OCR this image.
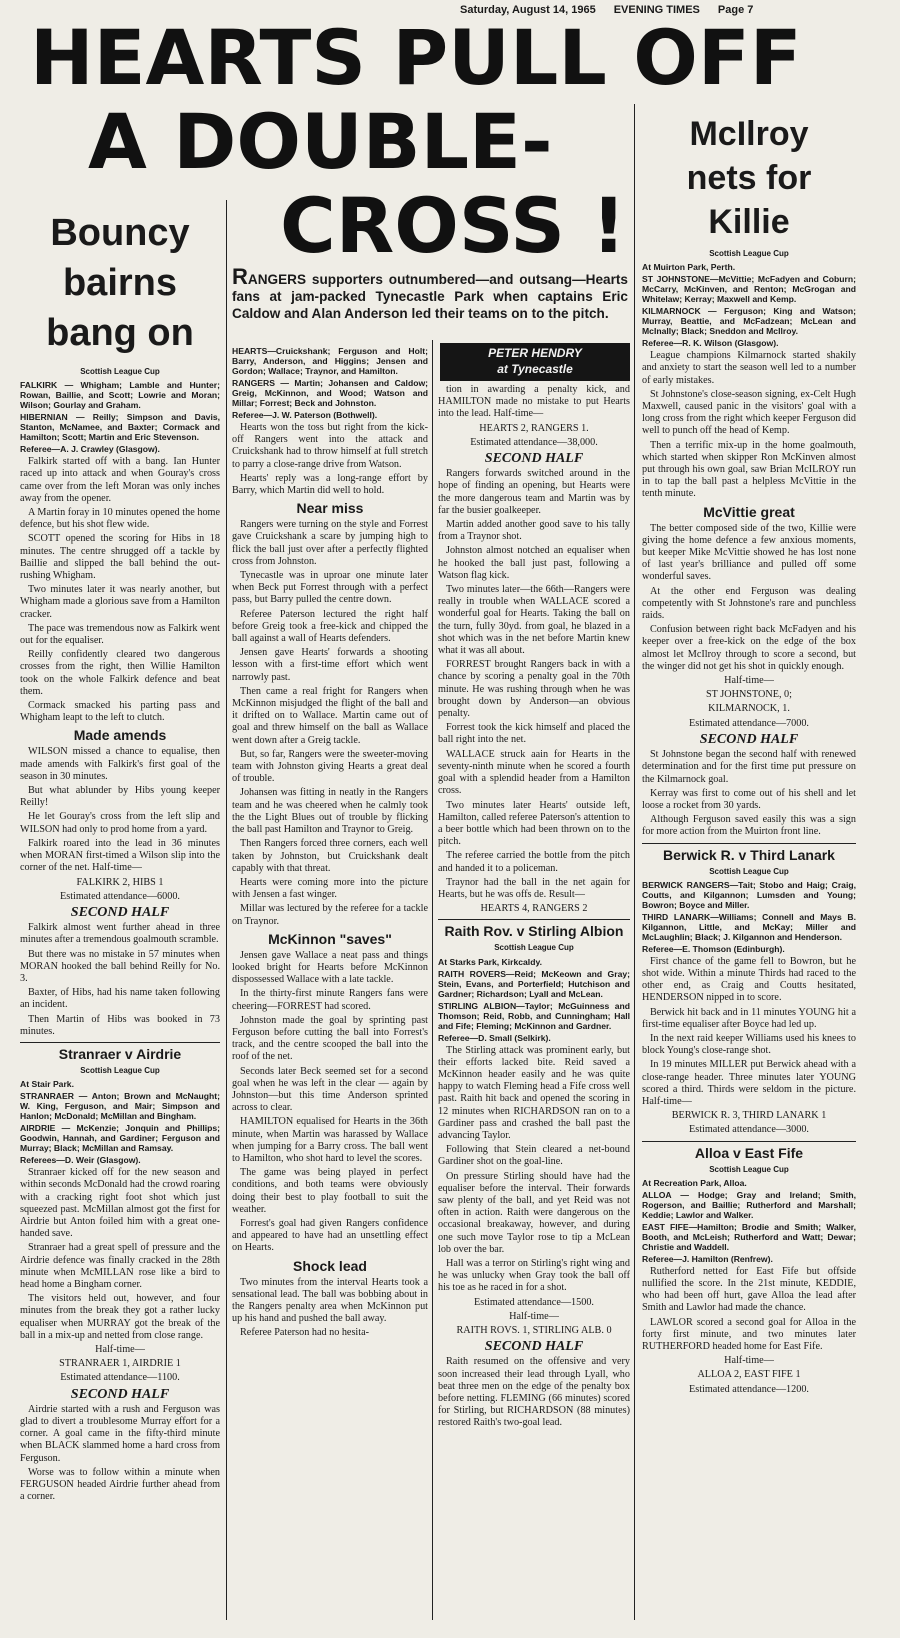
Saturday, August 14, 1965 EVENING TIMES Page 7
HEARTS PULL OFF
A DOUBLE-
CROSS !
RANGERS supporters outnumbered—and outsang—Hearts fans at jam-packed Tynecastle Park when captains Eric Caldow and Alan Anderson led their teams on to the pitch.
PETER HENDRY
at Tynecastle
Bouncy
bairns
bang on
Scottish League Cup
FALKIRK — Whigham; Lamble and Hunter; Rowan, Baillie, and Scott; Lowrie and Moran; Wilson; Gourlay and Graham.
HIBERNIAN — Reilly; Simpson and Davis, Stanton, McNamee, and Baxter; Cormack and Hamilton; Scott; Martin and Eric Stevenson.
Referee—A. J. Crawley (Glasgow).

Falkirk started off with a bang. Ian Hunter raced up into attack and when Gouray's cross came over from the left Moran was only inches away from the opener.

A Martin foray in 10 minutes opened the home defence, but his shot flew wide.

SCOTT opened the scoring for Hibs in 18 minutes. The centre shrugged off a tackle by Baillie and slipped the ball behind the out-rushing Whigham.

Two minutes later it was nearly another, but Whigham made a glorious save from a Hamilton cracker.

The pace was tremendous now as Falkirk went out for the equaliser.

Reilly confidently cleared two dangerous crosses from the right, then Willie Hamilton took on the whole Falkirk defence and beat them.

Cormack smacked his parting pass and Whigham leapt to the left to clutch.

Made amends

WILSON missed a chance to equalise, then made amends with Falkirk's first goal of the season in 30 minutes.

But what ablunder by Hibs young keeper Reilly!

He let Gouray's cross from the left slip and WILSON had only to prod home from a yard.

Falkirk roared into the lead in 36 minutes when MORAN first-timed a Wilson slip into the corner of the net. Half-time—

FALKIRK 2, HIBS 1

Estimated attendance—6000.

SECOND HALF

Falkirk almost went further ahead in three minutes after a tremendous goalmouth scramble.

But there was no mistake in 57 minutes when MORAN hooked the ball behind Reilly for No. 3.

Baxter, of Hibs, had his name taken following an incident.

Then Martin of Hibs was booked in 73 minutes.

Stranraer v Airdrie
Scottish League Cup
At Stair Park.
STRANRAER — Anton; Brown and McNaught; W. King, Ferguson, and Mair; Simpson and Hanlon; McDonald; McMillan and Bingham.
AIRDRIE — McKenzie; Jonquin and Phillips; Goodwin, Hannah, and Gardiner; Ferguson and Murray; Black; McMillan and Ramsay.
Referees—D. Weir (Glasgow).

Stranraer kicked off for the new season and within seconds McDonald had the crowd roaring with a cracking right foot shot which just squeezed past. McMillan almost got the first for Airdrie but Anton foiled him with a great one-handed save.

Stranraer had a great spell of pressure and the Airdrie defence was finally cracked in the 28th minute when McMILLAN rose like a bird to head home a Bingham corner.

The visitors held out, however, and four minutes from the break they got a rather lucky equaliser when MURRAY got the break of the ball in a mix-up and netted from close range.

Half-time—

STRANRAER 1, AIRDRIE 1

Estimated attendance—1100.

SECOND HALF

Airdrie started with a rush and Ferguson was glad to divert a troublesome Murray effort for a corner. A goal came in the fifty-third minute when BLACK slammed home a hard cross from Ferguson.

Worse was to follow within a minute when FERGUSON headed Airdrie further ahead from a corner.

HEARTS—Cruickshank; Ferguson and Holt; Barry, Anderson, and Higgins; Jensen and Gordon; Wallace; Traynor, and Hamilton.
RANGERS — Martin; Johansen and Caldow; Greig, McKinnon, and Wood; Watson and Millar; Forrest; Beck and Johnston.
Referee—J. W. Paterson (Bothwell).

Hearts won the toss but right from the kick-off Rangers went into the attack and Cruickshank had to throw himself at full stretch to parry a close-range drive from Watson.

Hearts' reply was a long-range effort by Barry, which Martin did well to hold.

Near miss

Rangers were turning on the style and Forrest gave Cruickshank a scare by jumping high to flick the ball just over after a perfectly flighted cross from Johnston.

Tynecastle was in uproar one minute later when Beck put Forrest through with a perfect pass, but Barry pulled the centre down.

Referee Paterson lectured the right half before Greig took a free-kick and chipped the ball against a wall of Hearts defenders.

Jensen gave Hearts' forwards a shooting lesson with a first-time effort which went narrowly past.

Then came a real fright for Rangers when McKinnon misjudged the flight of the ball and it drifted on to Wallace. Martin came out of goal and threw himself on the ball as Wallace went down after a Greig tackle.

But, so far, Rangers were the sweeter-moving team with Johnston giving Hearts a great deal of trouble.

Johansen was fitting in neatly in the Rangers team and he was cheered when he calmly took the the Light Blues out of trouble by flicking the ball past Hamilton and Traynor to Greig.

Then Rangers forced three corners, each well taken by Johnston, but Cruickshank dealt capably with that threat.

Hearts were coming more into the picture with Jensen a fast winger.

Millar was lectured by the referee for a tackle on Traynor.

McKinnon "saves"

Jensen gave Wallace a neat pass and things looked bright for Hearts before McKinnon dispossessed Wallace with a late tackle.

In the thirty-first minute Rangers fans were cheering—FORREST had scored.

Johnston made the goal by sprinting past Ferguson before cutting the ball into Forrest's track, and the centre scooped the ball into the roof of the net.

Seconds later Beck seemed set for a second goal when he was left in the clear — again by Johnston—but this time Anderson sprinted across to clear.

HAMILTON equalised for Hearts in the 36th minute, when Martin was harassed by Wallace when jumping for a Barry cross. The ball went to Hamilton, who shot hard to level the scores.

The game was being played in perfect conditions, and both teams were obviously doing their best to play football to suit the weather.

Forrest's goal had given Rangers confidence and appeared to have had an unsettling effect on Hearts.

Shock lead

Two minutes from the interval Hearts took a sensational lead. The ball was bobbing about in the Rangers penalty area when McKinnon put up his hand and pushed the ball away.

Referee Paterson had no hesita-

tion in awarding a penalty kick, and HAMILTON made no mistake to put Hearts into the lead. Half-time—

HEARTS 2, RANGERS 1.

Estimated attendance—38,000.

SECOND HALF

Rangers forwards switched around in the hope of finding an opening, but Hearts were the more dangerous team and Martin was by far the busier goalkeeper.

Martin added another good save to his tally from a Traynor shot.

Johnston almost notched an equaliser when he hooked the ball just past, following a Watson flag kick.

Two minutes later—the 66th—Rangers were really in trouble when WALLACE scored a wonderful goal for Hearts. Taking the ball on the turn, fully 30yd. from goal, he blazed in a shot which was in the net before Martin knew what it was all about.

FORREST brought Rangers back in with a chance by scoring a penalty goal in the 70th minute. He was rushing through when he was brought down by Anderson—an obvious penalty.

Forrest took the kick himself and placed the ball right into the net.

WALLACE struck aain for Hearts in the seventy-ninth minute when he scored a fourth goal with a splendid header from a Hamilton cross.

Two minutes later Hearts' outside left, Hamilton, called referee Paterson's attention to a beer bottle which had been thrown on to the pitch.

The referee carried the bottle from the pitch and handed it to a policeman.

Traynor had the ball in the net again for Hearts, but he was offs de. Result—

HEARTS 4, RANGERS 2

Raith Rov. v Stirling Albion
Scottish League Cup
At Starks Park, Kirkcaldy.
RAITH ROVERS—Reid; McKeown and Gray; Stein, Evans, and Porterfield; Hutchison and Gardner; Richardson; Lyall and McLean.
STIRLING ALBION—Taylor; McGuinness and Thomson; Reid, Robb, and Cunningham; Hall and Fife; Fleming; McKinnon and Gardner.
Referee—D. Small (Selkirk).

The Stirling attack was prominent early, but their efforts lacked bite. Reid saved a McKinnon header easily and he was quite happy to watch Fleming head a Fife cross well past. Raith hit back and opened the scoring in 12 minutes when RICHARDSON ran on to a Gardiner pass and crashed the ball past the advancing Taylor.

Following that Stein cleared a net-bound Gardiner shot on the goal-line.

On pressure Stirling should have had the equaliser before the interval. Their forwards saw plenty of the ball, and yet Reid was not often in action. Raith were dangerous on the occasional breakaway, however, and during one such move Taylor rose to tip a McLean lob over the bar.

Hall was a terror on Stirling's right wing and he was unlucky when Gray took the ball off his toe as he raced in for a shot.

Estimated attendance—1500.

Half-time—

RAITH ROVS. 1, STIRLING ALB. 0

SECOND HALF

Raith resumed on the offensive and very soon increased their lead through Lyall, who beat three men on the edge of the penalty box before netting. FLEMING (66 minutes) scored for Stirling, but RICHARDSON (88 minutes) restored Raith's two-goal lead.

McIlroy
nets for
Killie
Scottish League Cup
At Muirton Park, Perth.
ST JOHNSTONE—McVittie; McFadyen and Coburn; McCarry, McKinven, and Renton; McGrogan and Whitelaw; Kerray; Maxwell and Kemp.
KILMARNOCK — Ferguson; King and Watson; Murray, Beattie, and McFadzean; McLean and McInally; Black; Sneddon and McIlroy.
Referee—R. K. Wilson (Glasgow).

League champions Kilmarnock started shakily and anxiety to start the season well led to a number of early mistakes.

St Johnstone's close-season signing, ex-Celt Hugh Maxwell, caused panic in the visitors' goal with a long cross from the right which keeper Ferguson did well to punch off the head of Kemp.

Then a terrific mix-up in the home goalmouth, which started when skipper Ron McKinven almost put through his own goal, saw Brian McILROY run in to tap the ball past a helpless McVittie in the tenth minute.

McVittie great

The better composed side of the two, Killie were giving the home defence a few anxious moments, but keeper Mike McVittie showed he has lost none of last year's brilliance and pulled off some wonderful saves.

At the other end Ferguson was dealing competently with St Johnstone's rare and punchless raids.

Confusion between right back McFadyen and his keeper over a free-kick on the edge of the box almost let McIlroy through to score a second, but the winger did not get his shot in quickly enough.

Half-time—

ST JOHNSTONE, 0;

KILMARNOCK, 1.

Estimated attendance—7000.

SECOND HALF

St Johnstone began the second half with renewed determination and for the first time put pressure on the Kilmarnock goal.

Kerray was first to come out of his shell and let loose a rocket from 30 yards.

Although Ferguson saved easily this was a sign for more action from the Muirton front line.

Berwick R. v Third Lanark
Scottish League Cup
BERWICK RANGERS—Tait; Stobo and Haig; Craig, Coutts, and Kilgannon; Lumsden and Young; Bowron; Boyce and Miller.
THIRD LANARK—Williams; Connell and Mays B. Kilgannon, Little, and McKay; Miller and McLaughlin; Black; J. Kilgannon and Henderson.
Referee—E. Thomson (Edinburgh).

First chance of the game fell to Bowron, but he shot wide. Within a minute Thirds had raced to the other end, as Craig and Coutts hesitated, HENDERSON nipped in to score.

Berwick hit back and in 11 minutes YOUNG hit a first-time equaliser after Boyce had led up.

In the next raid keeper Williams used his knees to block Young's close-range shot.

In 19 minutes MILLER put Berwick ahead with a close-range header. Three minutes later YOUNG scored a third. Thirds were seldom in the picture. Half-time—

BERWICK R. 3, THIRD LANARK 1

Estimated attendance—3000.

Alloa v East Fife
Scottish League Cup
At Recreation Park, Alloa.
ALLOA — Hodge; Gray and Ireland; Smith, Rogerson, and Baillie; Rutherford and Marshall; Keddie; Lawlor and Walker.
EAST FIFE—Hamilton; Brodie and Smith; Walker, Booth, and McLeish; Rutherford and Watt; Dewar; Christie and Waddell.
Referee—J. Hamilton (Renfrew).

Rutherford netted for East Fife but offside nullified the score. In the 21st minute, KEDDIE, who had been off hurt, gave Alloa the lead after Smith and Lawlor had made the chance.

LAWLOR scored a second goal for Alloa in the forty first minute, and two minutes later RUTHERFORD headed home for East Fife.

Half-time—

ALLOA 2, EAST FIFE 1

Estimated attendance—1200.
